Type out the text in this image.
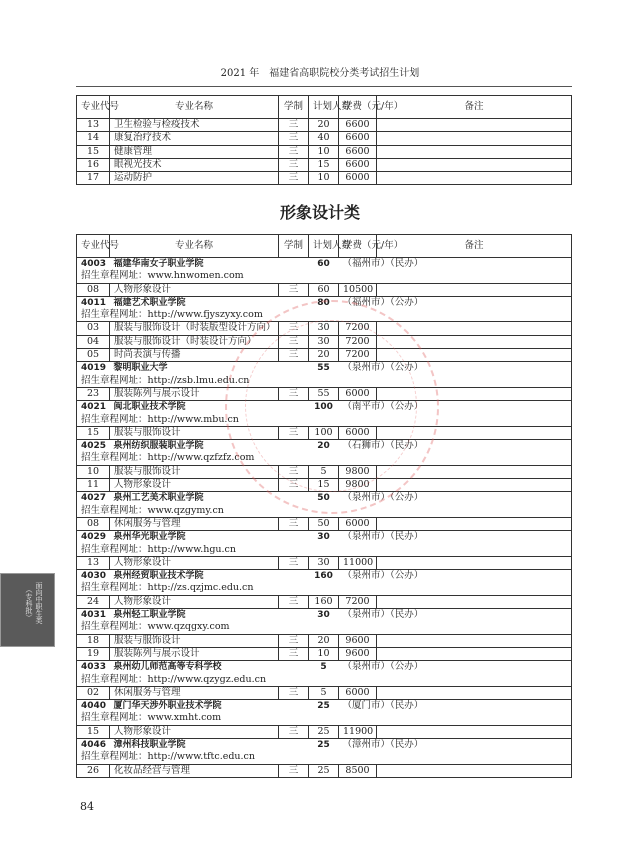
2021 年　福建省高职院校分类考试招生计划
专业代号	专业名称	学制	计划人数	学费（元/年）	备注
13	卫生检验与检疫技术	三	20	6600	
14	康复治疗技术	三	40	6600	
15	健康管理	三	10	6600	
16	眼视光技术	三	15	6600	
17	运动防护	三	10	6000	
形象设计类
专业代号	专业名称	学制	计划人数	学费（元/年）	备注
4003	福建华南女子职业学院		60	（福州市）（民办）	
招生章程网址：www.hnwomen.com					
08	人物形象设计	三	60	10500	
4011	福建艺术职业学院		80	（福州市）（公办）	
招生章程网址：http://www.fjyszyxy.com					
03	服装与服饰设计（时装版型设计方向）	三	30	7200	
04	服装与服饰设计（时装设计方向）	三	30	7200	
05	时尚表演与传播	三	20	7200	
4019	黎明职业大学		55	（泉州市）（公办）	
招生章程网址：http://zsb.lmu.edu.cn					
23	服装陈列与展示设计	三	55	6000	
4021	闽北职业技术学院		100	（南平市）（公办）	
招生章程网址：http://www.mbu.cn					
15	服装与服饰设计	三	100	6000	
4025	泉州纺织服装职业学院		20	（石狮市）（民办）	
招生章程网址：http://www.qzfzfz.com					
10	服装与服饰设计	三	5	9800	
11	人物形象设计	三	15	9800	
4027	泉州工艺美术职业学院		50	（泉州市）（公办）	
招生章程网址：www.qzgymy.cn					
08	休闲服务与管理	三	50	6000	
4029	泉州华光职业学院		30	（泉州市）（民办）	
招生章程网址：http://www.hgu.cn					
13	人物形象设计	三	30	11000	
4030	泉州经贸职业技术学院		160	（泉州市）（公办）	
招生章程网址：http://zs.qzjmc.edu.cn					
24	人物形象设计	三	160	7200	
4031	泉州轻工职业学院		30	（泉州市）（民办）	
招生章程网址：www.qzqgxy.com					
18	服装与服饰设计	三	20	9600	
19	服装陈列与展示设计	三	10	9600	
4033	泉州幼儿师范高等专科学校		5	（泉州市）（公办）	
招生章程网址：http://www.qzygz.edu.cn					
02	休闲服务与管理	三	5	6000	
4040	厦门华天涉外职业技术学院		25	（厦门市）（民办）	
招生章程网址：www.xmht.com					
15	人物形象设计	三	25	11900	
4046	漳州科技职业学院		25	（漳州市）（民办）	
招生章程网址：http://www.tftc.edu.cn					
26	化妆品经营与管理	三	25	8500	
面向中职生类
（专科批）
84
